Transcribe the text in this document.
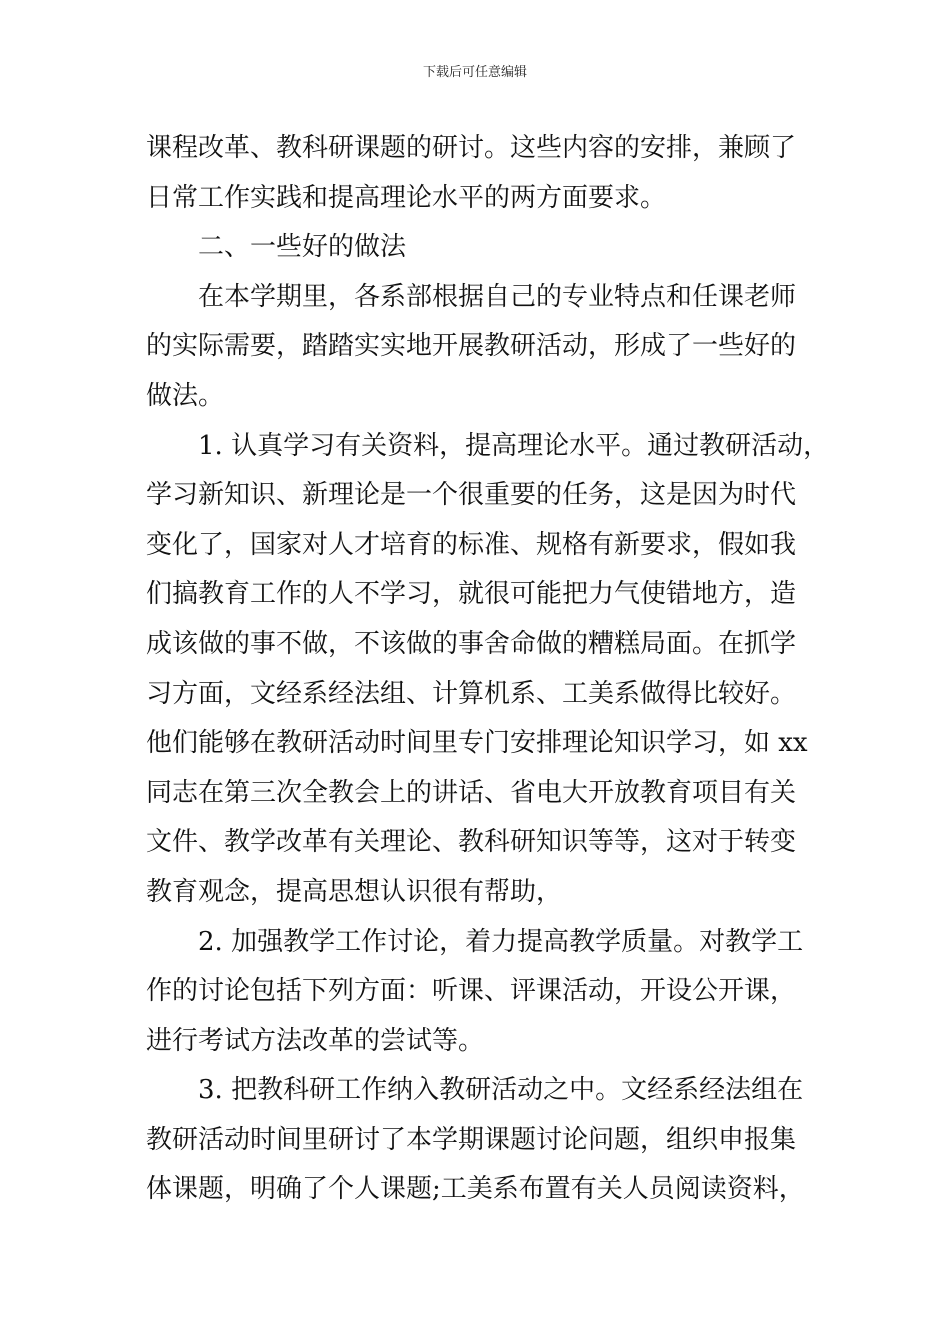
下载后可任意编辑
课程改革、教科研课题的研讨。这些内容的安排，兼顾了
日常工作实践和提高理论水平的两方面要求。
二、一些好的做法
在本学期里，各系部根据自己的专业特点和任课老师
的实际需要，踏踏实实地开展教研活动，形成了一些好的
做法。
1. 认真学习有关资料，提高理论水平。通过教研活动，
学习新知识、新理论是一个很重要的任务，这是因为时代
变化了，国家对人才培育的标准、规格有新要求，假如我
们搞教育工作的人不学习，就很可能把力气使错地方，造
成该做的事不做，不该做的事舍命做的糟糕局面。在抓学
习方面，文经系经法组、计算机系、工美系做得比较好。
他们能够在教研活动时间里专门安排理论知识学习，如 xx
同志在第三次全教会上的讲话、省电大开放教育项目有关
文件、教学改革有关理论、教科研知识等等，这对于转变
教育观念，提高思想认识很有帮助，
2. 加强教学工作讨论，着力提高教学质量。对教学工
作的讨论包括下列方面：听课、评课活动，开设公开课，
进行考试方法改革的尝试等。
3. 把教科研工作纳入教研活动之中。文经系经法组在
教研活动时间里研讨了本学期课题讨论问题，组织申报集
体课题，明确了个人课题;工美系布置有关人员阅读资料，
